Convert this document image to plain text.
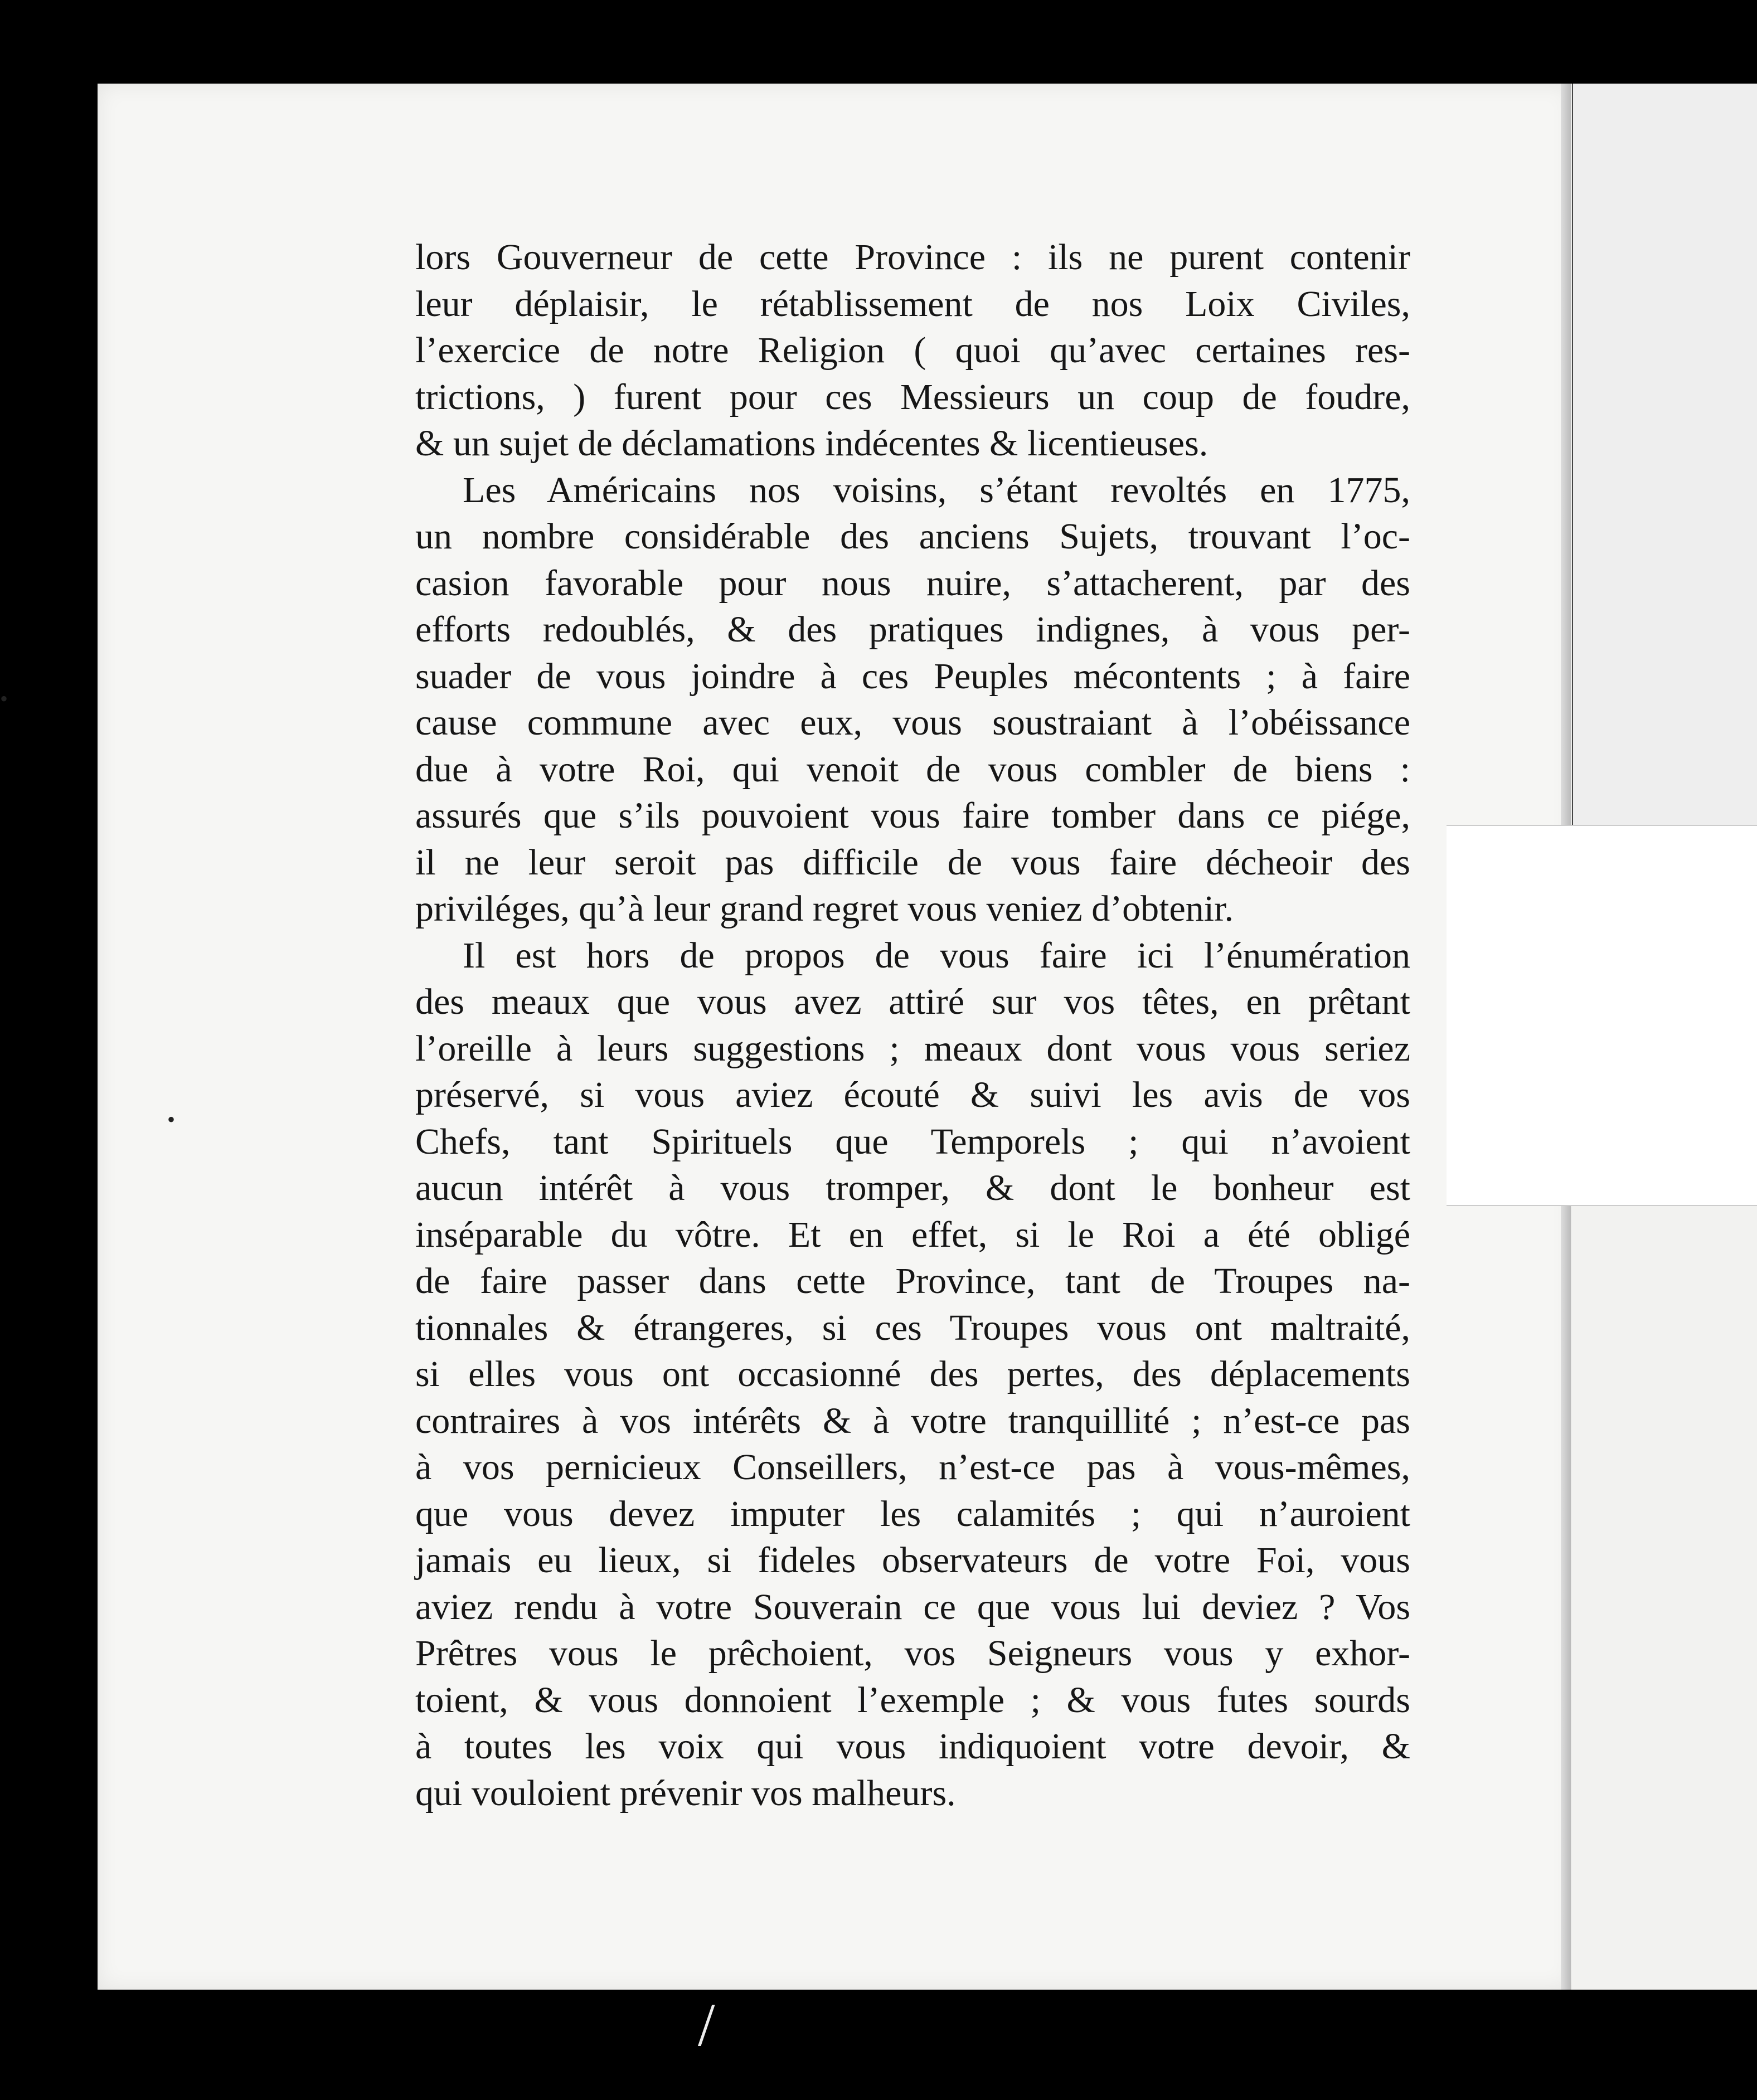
lors Gouverneur de cette Province : ils ne purent contenir
leur déplaisir, le rétablissement de nos Loix Civiles,
l’exercice de notre Religion ( quoi qu’avec certaines res-
trictions, ) furent pour ces Messieurs un coup de foudre,
& un sujet de déclamations indécentes & licentieuses.
Les Américains nos voisins, s’étant revoltés en 1775,
un nombre considérable des anciens Sujets, trouvant l’oc-
casion favorable pour nous nuire, s’attacherent, par des
efforts redoublés, & des pratiques indignes, à vous per-
suader de vous joindre à ces Peuples mécontents ; à faire
cause commune avec eux, vous soustraiant à l’obéissance
due à votre Roi, qui venoit de vous combler de biens :
assurés que s’ils pouvoient vous faire tomber dans ce piége,
il ne leur seroit pas difficile de vous faire décheoir des
priviléges, qu’à leur grand regret vous veniez d’obtenir.
Il est hors de propos de vous faire ici l’énumération
des meaux que vous avez attiré sur vos têtes, en prêtant
l’oreille à leurs suggestions ; meaux dont vous vous seriez
préservé, si vous aviez écouté & suivi les avis de vos
Chefs, tant Spirituels que Temporels ; qui n’avoient
aucun intérêt à vous tromper, & dont le bonheur est
inséparable du vôtre. Et en effet, si le Roi a été obligé
de faire passer dans cette Province, tant de Troupes na-
tionnales & étrangeres, si ces Troupes vous ont maltraité,
si elles vous ont occasionné des pertes, des déplacements
contraires à vos intérêts & à votre tranquillité ; n’est-ce pas
à vos pernicieux Conseillers, n’est-ce pas à vous-mêmes,
que vous devez imputer les calamités ; qui n’auroient
jamais eu lieux, si fideles observateurs de votre Foi, vous
aviez rendu à votre Souverain ce que vous lui deviez ? Vos
Prêtres vous le prêchoient, vos Seigneurs vous y exhor-
toient, & vous donnoient l’exemple ; & vous futes sourds
à toutes les voix qui vous indiquoient votre devoir, &
qui vouloient prévenir vos malheurs.
•
•
/
